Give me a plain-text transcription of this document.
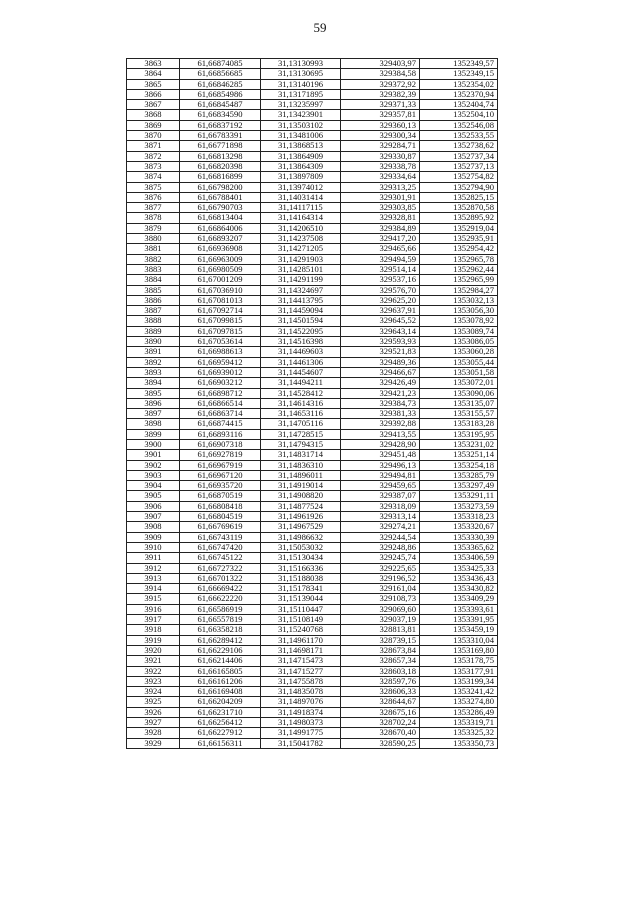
59
3863	61,66874085	31,13130993	329403,97	1352349,57
3864	61,66856685	31,13130695	329384,58	1352349,15
3865	61,66846285	31,13140196	329372,92	1352354,02
3866	61,66854986	31,13171895	329382,39	1352370,94
3867	61,66845487	31,13235997	329371,33	1352404,74
3868	61,66834590	31,13423901	329357,81	1352504,10
3869	61,66837192	31,13503102	329360,13	1352546,08
3870	61,66783391	31,13481006	329300,34	1352533,55
3871	61,66771898	31,13868513	329284,71	1352738,62
3872	61,66813298	31,13864909	329330,87	1352737,34
3873	61,66820398	31,13864309	329338,78	1352737,13
3874	61,66816899	31,13897809	329334,64	1352754,82
3875	61,66798200	31,13974012	329313,25	1352794,90
3876	61,66788401	31,14031414	329301,91	1352825,15
3877	61,66790703	31,14117115	329303,85	1352870,58
3878	61,66813404	31,14164314	329328,81	1352895,92
3879	61,66864006	31,14206510	329384,89	1352919,04
3880	61,66893207	31,14237508	329417,20	1352935,91
3881	61,66936908	31,14271205	329465,66	1352954,42
3882	61,66963009	31,14291903	329494,59	1352965,78
3883	61,66980509	31,14285101	329514,14	1352962,44
3884	61,67001209	31,14291199	329537,16	1352965,99
3885	61,67036910	31,14324697	329576,70	1352984,27
3886	61,67081013	31,14413795	329625,20	1353032,13
3887	61,67092714	31,14459094	329637,91	1353056,30
3888	61,67099815	31,14501594	329645,52	1353078,92
3889	61,67097815	31,14522095	329643,14	1353089,74
3890	61,67053614	31,14516398	329593,93	1353086,05
3891	61,66988613	31,14469603	329521,83	1353060,28
3892	61,66959412	31,14461306	329489,36	1353055,44
3893	61,66939012	31,14454607	329466,67	1353051,58
3894	61,66903212	31,14494211	329426,49	1353072,01
3895	61,66898712	31,14528412	329421,23	1353090,06
3896	61,66866514	31,14614316	329384,73	1353135,07
3897	61,66863714	31,14653116	329381,33	1353155,57
3898	61,66874415	31,14705116	329392,88	1353183,28
3899	61,66893116	31,14728515	329413,55	1353195,95
3900	61,66907318	31,14794315	329428,90	1353231,02
3901	61,66927819	31,14831714	329451,48	1353251,14
3902	61,66967919	31,14836310	329496,13	1353254,18
3903	61,66967120	31,14896011	329494,81	1353285,79
3904	61,66935720	31,14919014	329459,65	1353297,49
3905	61,66870519	31,14908820	329387,07	1353291,11
3906	61,66808418	31,14877524	329318,09	1353273,59
3907	61,66804519	31,14961926	329313,14	1353318,23
3908	61,66769619	31,14967529	329274,21	1353320,67
3909	61,66743119	31,14986632	329244,54	1353330,39
3910	61,66747420	31,15053032	329248,86	1353365,62
3911	61,66745122	31,15130434	329245,74	1353406,59
3912	61,66727322	31,15166336	329225,65	1353425,33
3913	61,66701322	31,15188038	329196,52	1353436,43
3914	61,66669422	31,15178341	329161,04	1353430,82
3915	61,66622220	31,15139044	329108,73	1353409,29
3916	61,66586919	31,15110447	329069,60	1353393,61
3917	61,66557819	31,15108149	329037,19	1353391,95
3918	61,66358218	31,15240768	328813,81	1353459,19
3919	61,66289412	31,14961170	328739,15	1353310,04
3920	61,66229106	31,14698171	328673,84	1353169,80
3921	61,66214406	31,14715473	328657,34	1353178,75
3922	61,66165805	31,14715277	328603,18	1353177,91
3923	61,66161206	31,14755878	328597,76	1353199,34
3924	61,66169408	31,14835078	328606,33	1353241,42
3925	61,66204209	31,14897076	328644,67	1353274,80
3926	61,66231710	31,14918374	328675,16	1353286,49
3927	61,66256412	31,14980373	328702,24	1353319,71
3928	61,66227912	31,14991775	328670,40	1353325,32
3929	61,66156311	31,15041782	328590,25	1353350,73
